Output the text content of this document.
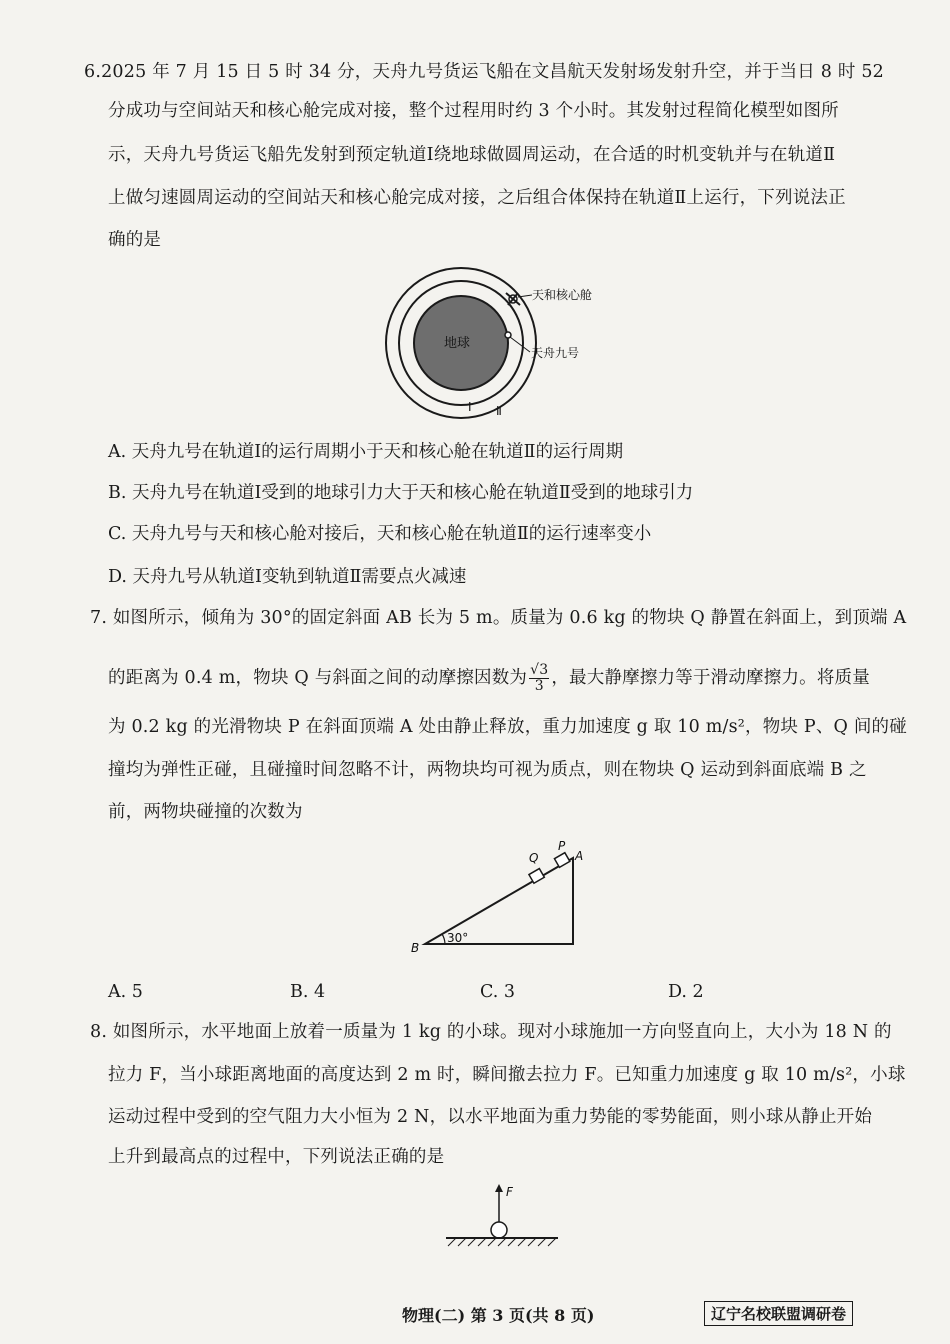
6.2025 年 7 月 15 日 5 时 34 分，天舟九号货运飞船在文昌航天发射场发射升空，并于当日 8 时 52
分成功与空间站天和核心舱完成对接，整个过程用时约 3 个小时。其发射过程简化模型如图所
示，天舟九号货运飞船先发射到预定轨道Ⅰ绕地球做圆周运动，在合适的时机变轨并与在轨道Ⅱ
上做匀速圆周运动的空间站天和核心舱完成对接，之后组合体保持在轨道Ⅱ上运行，下列说法正
确的是
地球
天和核心舱
天舟九号
Ⅰ Ⅱ
A. 天舟九号在轨道Ⅰ的运行周期小于天和核心舱在轨道Ⅱ的运行周期
B. 天舟九号在轨道Ⅰ受到的地球引力大于天和核心舱在轨道Ⅱ受到的地球引力
C. 天舟九号与天和核心舱对接后，天和核心舱在轨道Ⅱ的运行速率变小
D. 天舟九号从轨道Ⅰ变轨到轨道Ⅱ需要点火减速
7. 如图所示，倾角为 30°的固定斜面 AB 长为 5 m。质量为 0.6 kg 的物块 Q 静置在斜面上，到顶端 A
的距离为 0.4 m，物块 Q 与斜面之间的动摩擦因数为 $\frac{√3}{3}$ ，最大静摩擦力等于滑动摩擦力。将质量
为 0.2 kg 的光滑物块 P 在斜面顶端 A 处由静止释放，重力加速度 g 取 10 m/s²，物块 P、Q 间的碰
撞均为弹性正碰，且碰撞时间忽略不计，两物块均可视为质点，则在物块 Q 运动到斜面底端 B 之
前，两物块碰撞的次数为
30°
B
A
Q
P
A. 5	B. 4	C. 3	D. 2
8. 如图所示，水平地面上放着一质量为 1 kg 的小球。现对小球施加一方向竖直向上，大小为 18 N 的
拉力 F，当小球距离地面的高度达到 2 m 时，瞬间撤去拉力 F。已知重力加速度 g 取 10 m/s²，小球
运动过程中受到的空气阻力大小恒为 2 N，以水平地面为重力势能的零势能面，则小球从静止开始
上升到最高点的过程中，下列说法正确的是
F
物理(二) 第 3 页(共 8 页)	辽宁名校联盟调研卷
